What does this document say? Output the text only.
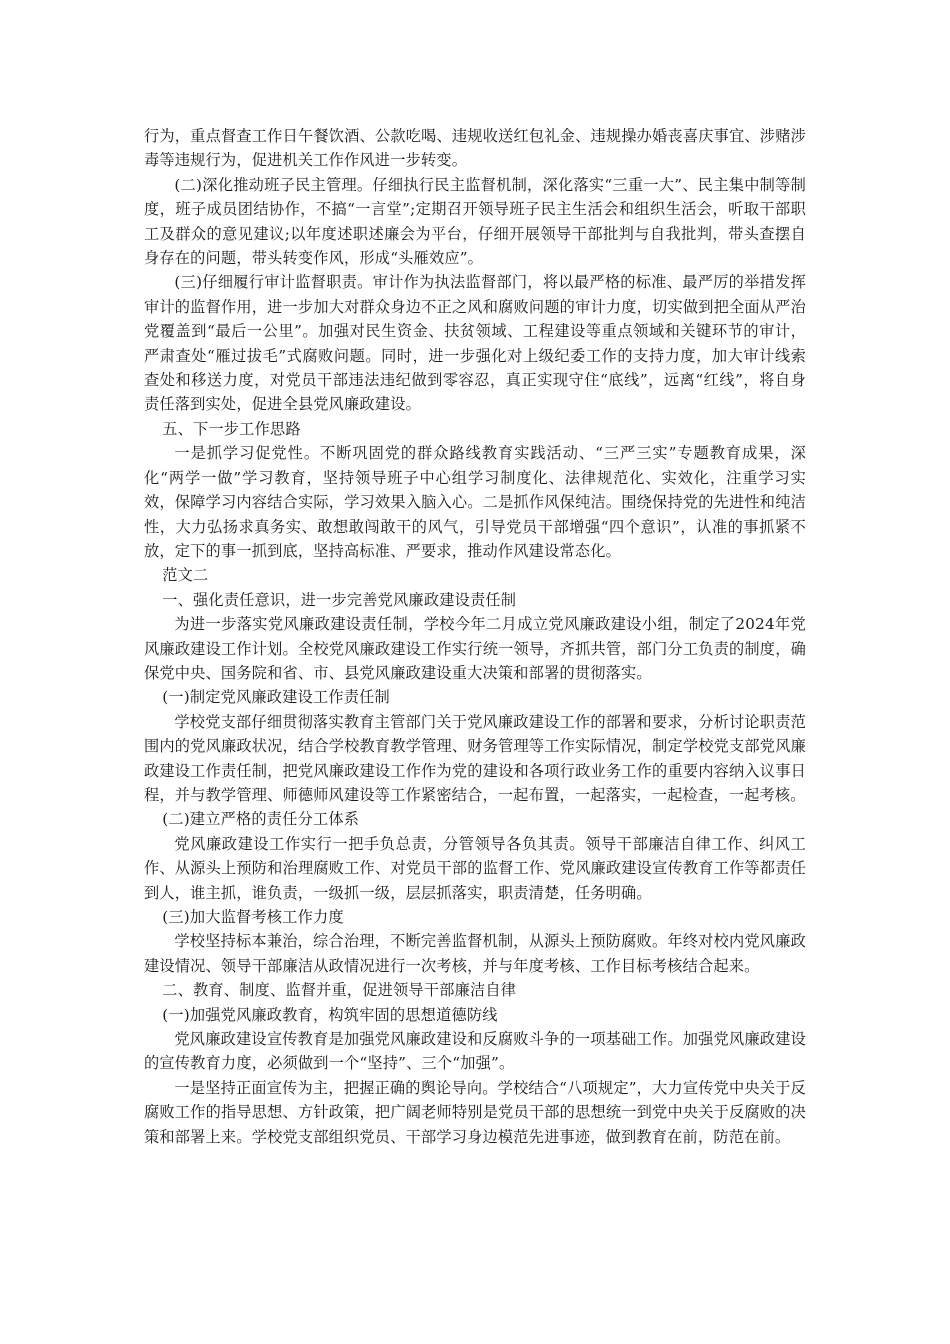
行为，重点督查工作日午餐饮酒、公款吃喝、违规收送红包礼金、违规操办婚丧喜庆事宜、涉赌涉毒等违规行为，促进机关工作作风进一步转变。

(二)深化推动班子民主管理。仔细执行民主监督机制，深化落实“三重一大”、民主集中制等制度，班子成员团结协作，不搞“一言堂”;定期召开领导班子民主生活会和组织生活会，听取干部职工及群众的意见建议;以年度述职述廉会为平台，仔细开展领导干部批判与自我批判，带头查摆自身存在的问题，带头转变作风，形成“头雁效应”。

(三)仔细履行审计监督职责。审计作为执法监督部门，将以最严格的标准、最严厉的举措发挥审计的监督作用，进一步加大对群众身边不正之风和腐败问题的审计力度，切实做到把全面从严治党覆盖到“最后一公里”。加强对民生资金、扶贫领域、工程建设等重点领域和关键环节的审计，严肃查处“雁过拔毛”式腐败问题。同时，进一步强化对上级纪委工作的支持力度，加大审计线索查处和移送力度，对党员干部违法违纪做到零容忍，真正实现守住“底线”，远离“红线”，将自身责任落到实处，促进全县党风廉政建设。

五、下一步工作思路

一是抓学习促党性。不断巩固党的群众路线教育实践活动、“三严三实”专题教育成果，深化“两学一做”学习教育，坚持领导班子中心组学习制度化、法律规范化、实效化，注重学习实效，保障学习内容结合实际，学习效果入脑入心。二是抓作风保纯洁。围绕保持党的先进性和纯洁性，大力弘扬求真务实、敢想敢闯敢干的风气，引导党员干部增强“四个意识”，认准的事抓紧不放，定下的事一抓到底，坚持高标准、严要求，推动作风建设常态化。

范文二

一、强化责任意识，进一步完善党风廉政建设责任制

为进一步落实党风廉政建设责任制，学校今年二月成立党风廉政建设小组，制定了2024年党风廉政建设工作计划。全校党风廉政建设工作实行统一领导，齐抓共管，部门分工负责的制度，确保党中央、国务院和省、市、县党风廉政建设重大决策和部署的贯彻落实。

(一)制定党风廉政建设工作责任制

学校党支部仔细贯彻落实教育主管部门关于党风廉政建设工作的部署和要求，分析讨论职责范围内的党风廉政状况，结合学校教育教学管理、财务管理等工作实际情况，制定学校党支部党风廉政建设工作责任制，把党风廉政建设工作作为党的建设和各项行政业务工作的重要内容纳入议事日程，并与教学管理、师德师风建设等工作紧密结合，一起布置，一起落实，一起检查，一起考核。

(二)建立严格的责任分工体系

党风廉政建设工作实行一把手负总责，分管领导各负其责。领导干部廉洁自律工作、纠风工作、从源头上预防和治理腐败工作、对党员干部的监督工作、党风廉政建设宣传教育工作等都责任到人，谁主抓，谁负责，一级抓一级，层层抓落实，职责清楚，任务明确。

(三)加大监督考核工作力度

学校坚持标本兼治，综合治理，不断完善监督机制，从源头上预防腐败。年终对校内党风廉政建设情况、领导干部廉洁从政情况进行一次考核，并与年度考核、工作目标考核结合起来。

二、教育、制度、监督并重，促进领导干部廉洁自律

(一)加强党风廉政教育，构筑牢固的思想道德防线

党风廉政建设宣传教育是加强党风廉政建设和反腐败斗争的一项基础工作。加强党风廉政建设的宣传教育力度，必须做到一个“坚持”、三个“加强”。

一是坚持正面宣传为主，把握正确的舆论导向。学校结合“八项规定”，大力宣传党中央关于反腐败工作的指导思想、方针政策，把广阔老师特别是党员干部的思想统一到党中央关于反腐败的决策和部署上来。学校党支部组织党员、干部学习身边模范先进事迹，做到教育在前，防范在前。
